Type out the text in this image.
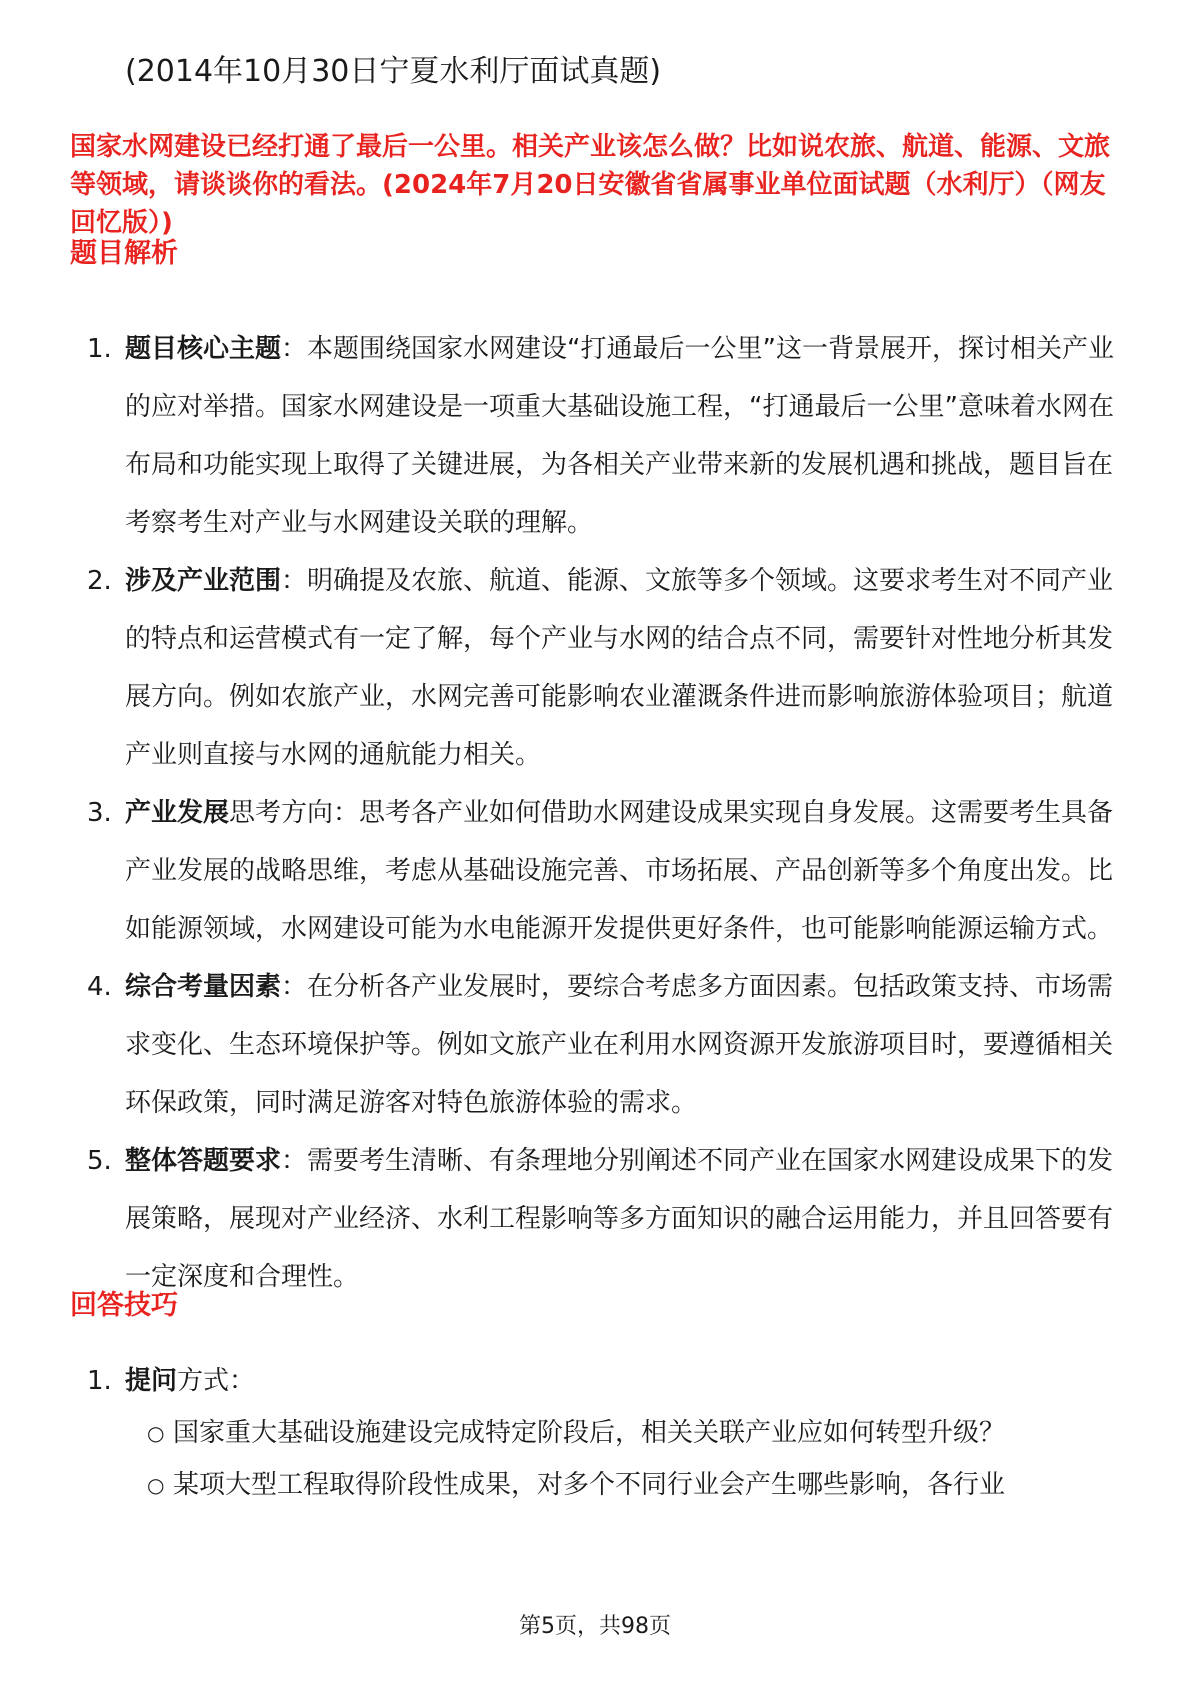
(2014年10月30日宁夏水利厅面试真题)
国家水网建设已经打通了最后一公里。相关产业该怎么做？比如说农旅、航道、能源、文旅等领域，请谈谈你的看法。(2024年7月20日安徽省省属事业单位面试题（水利厅）（网友回忆版）)
题目解析
1. 题目核心主题：本题围绕国家水网建设“打通最后一公里”这一背景展开，探讨相关产业的应对举措。国家水网建设是一项重大基础设施工程，“打通最后一公里”意味着水网在布局和功能实现上取得了关键进展，为各相关产业带来新的发展机遇和挑战，题目旨在考察考生对产业与水网建设关联的理解。
2. 涉及产业范围：明确提及农旅、航道、能源、文旅等多个领域。这要求考生对不同产业的特点和运营模式有一定了解，每个产业与水网的结合点不同，需要针对性地分析其发展方向。例如农旅产业，水网完善可能影响农业灌溉条件进而影响旅游体验项目；航道产业则直接与水网的通航能力相关。
3. 产业发展思考方向：思考各产业如何借助水网建设成果实现自身发展。这需要考生具备产业发展的战略思维，考虑从基础设施完善、市场拓展、产品创新等多个角度出发。比如能源领域，水网建设可能为水电能源开发提供更好条件，也可能影响能源运输方式。
4. 综合考量因素：在分析各产业发展时，要综合考虑多方面因素。包括政策支持、市场需求变化、生态环境保护等。例如文旅产业在利用水网资源开发旅游项目时，要遵循相关环保政策，同时满足游客对特色旅游体验的需求。
5. 整体答题要求：需要考生清晰、有条理地分别阐述不同产业在国家水网建设成果下的发展策略，展现对产业经济、水利工程影响等多方面知识的融合运用能力，并且回答要有一定深度和合理性。
回答技巧
1. 提问方式：
○ 国家重大基础设施建设完成特定阶段后，相关关联产业应如何转型升级？
○ 某项大型工程取得阶段性成果，对多个不同行业会产生哪些影响，各行业
第5页，共98页
